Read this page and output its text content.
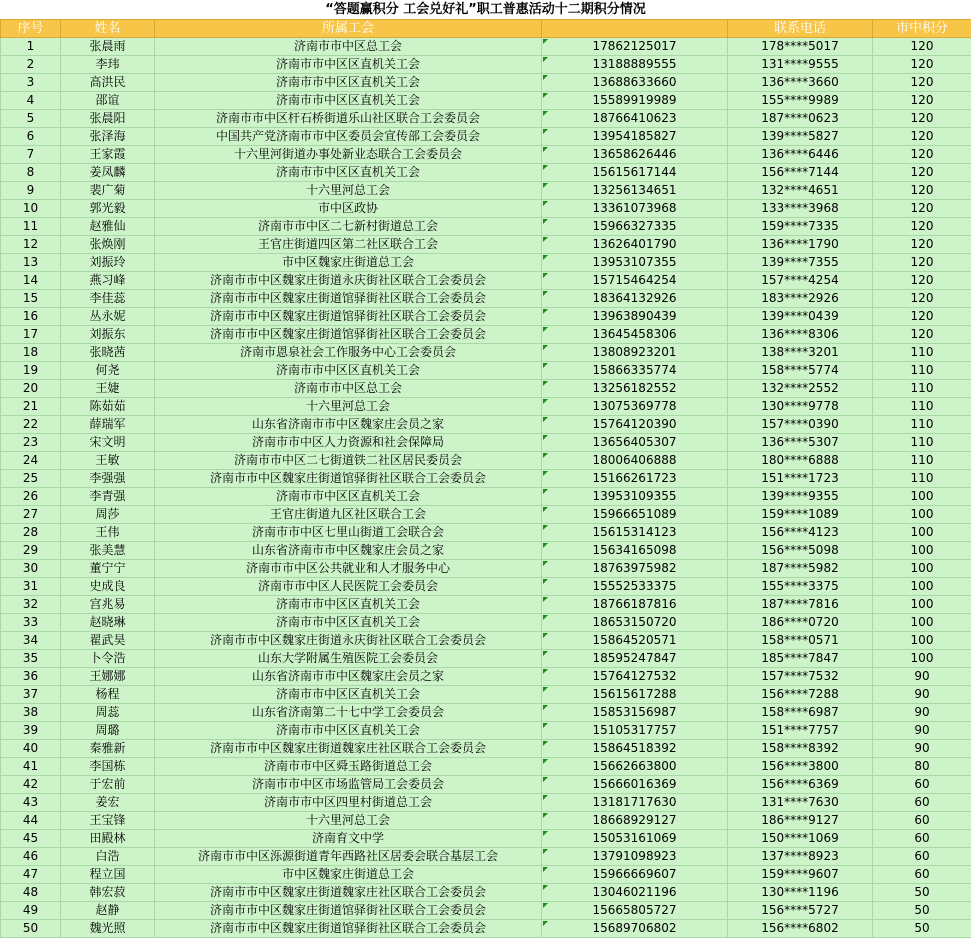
“答题赢积分 工会兑好礼”职工普惠活动十二期积分情况
序号	姓名	所属工会		联系电话	市中积分
1	张晨雨	济南市市中区总工会	17862125017	178****5017	120
2	李玮	济南市市中区区直机关工会	13188889555	131****9555	120
3	高洪民	济南市市中区区直机关工会	13688633660	136****3660	120
4	邵谊	济南市市中区区直机关工会	15589919989	155****9989	120
5	张晨阳	济南市市中区杆石桥街道乐山社区联合工会委员会	18766410623	187****0623	120
6	张泽海	中国共产党济南市市中区委员会宣传部工会委员会	13954185827	139****5827	120
7	王家霞	十六里河街道办事处新业态联合工会委员会	13658626446	136****6446	120
8	姜凤麟	济南市市中区区直机关工会	15615617144	156****7144	120
9	裴广菊	十六里河总工会	13256134651	132****4651	120
10	郭光毅	市中区政协	13361073968	133****3968	120
11	赵雅仙	济南市市中区二七新村街道总工会	15966327335	159****7335	120
12	张焕刚	王官庄街道四区第二社区联合工会	13626401790	136****1790	120
13	刘振玲	市中区魏家庄街道总工会	13953107355	139****7355	120
14	燕习峰	济南市市中区魏家庄街道永庆街社区联合工会委员会	15715464254	157****4254	120
15	李佳蕊	济南市市中区魏家庄街道馆驿街社区联合工会委员会	18364132926	183****2926	120
16	丛永妮	济南市市中区魏家庄街道馆驿街社区联合工会委员会	13963890439	139****0439	120
17	刘振东	济南市市中区魏家庄街道馆驿街社区联合工会委员会	13645458306	136****8306	120
18	张晓茜	济南市恩泉社会工作服务中心工会委员会	13808923201	138****3201	110
19	何尧	济南市市中区区直机关工会	15866335774	158****5774	110
20	王婕	济南市市中区总工会	13256182552	132****2552	110
21	陈茹茹	十六里河总工会	13075369778	130****9778	110
22	薛瑞军	山东省济南市市中区魏家庄会员之家	15764120390	157****0390	110
23	宋文明	济南市市中区人力资源和社会保障局	13656405307	136****5307	110
24	王敏	济南市市中区二七街道铁二社区居民委员会	18006406888	180****6888	110
25	李强强	济南市市中区魏家庄街道馆驿街社区联合工会委员会	15166261723	151****1723	110
26	李青强	济南市市中区区直机关工会	13953109355	139****9355	100
27	周莎	王官庄街道九区社区联合工会	15966651089	159****1089	100
28	王伟	济南市市中区七里山街道工会联合会	15615314123	156****4123	100
29	张美慧	山东省济南市市中区魏家庄会员之家	15634165098	156****5098	100
30	董宁宁	济南市市中区公共就业和人才服务中心	18763975982	187****5982	100
31	史成良	济南市市中区人民医院工会委员会	15552533375	155****3375	100
32	宫兆易	济南市市中区区直机关工会	18766187816	187****7816	100
33	赵晓琳	济南市市中区区直机关工会	18653150720	186****0720	100
34	翟武昊	济南市市中区魏家庄街道永庆街社区联合工会委员会	15864520571	158****0571	100
35	卜令浩	山东大学附属生殖医院工会委员会	18595247847	185****7847	100
36	王娜娜	山东省济南市市中区魏家庄会员之家	15764127532	157****7532	90
37	杨程	济南市市中区区直机关工会	15615617288	156****7288	90
38	周蕊	山东省济南第二十七中学工会委员会	15853156987	158****6987	90
39	周璐	济南市市中区区直机关工会	15105317757	151****7757	90
40	秦雅新	济南市市中区魏家庄街道魏家庄社区联合工会委员会	15864518392	158****8392	90
41	李国栋	济南市市中区舜玉路街道总工会	15662663800	156****3800	80
42	于宏前	济南市市中区市场监管局工会委员会	15666016369	156****6369	60
43	姜宏	济南市市中区四里村街道总工会	13181717630	131****7630	60
44	王宝锋	十六里河总工会	18668929127	186****9127	60
45	田殿林	济南育文中学	15053161069	150****1069	60
46	白浩	济南市市中区泺源街道青年西路社区居委会联合基层工会	13791098923	137****8923	60
47	程立国	市中区魏家庄街道总工会	15966669607	159****9607	60
48	韩宏菽	济南市市中区魏家庄街道魏家庄社区联合工会委员会	13046021196	130****1196	50
49	赵静	济南市市中区魏家庄街道馆驿街社区联合工会委员会	15665805727	156****5727	50
50	魏光照	济南市市中区魏家庄街道馆驿街社区联合工会委员会	15689706802	156****6802	50
